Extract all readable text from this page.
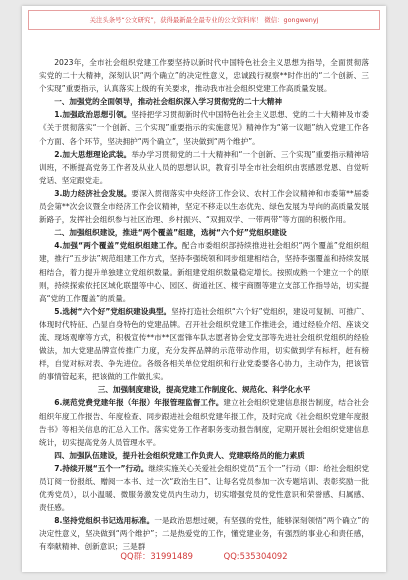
关注头条号“公文研究”，获得最新最全最专业的公文资料库！ 微信：gongwenyj

2023年，全市社会组织党建工作要坚持以新时代中国特色社会主义思想为指导，全面贯彻落实党的二十大精神，深刻认识“两个确立”的决定性意义，忠诚践行视察**时作出的“二个创新、三个实现”重要指示，认真落实上级的有关要求，推动我市社会组织党建工作高质量发展。

一、加强党的全面领导，推动社会组织深入学习贯彻党的二十大精神

1.加强政治思想引领。坚持把学习贯彻新时代中国特色社会主义思想、党的二十大精神及市委《关于贯彻落实“一个创新、三个实现”重要指示的实施意见》精神作为“第一议题”纳入党建工作各个方面、各个环节，坚决拥护“两个确立”，坚决做到“两个维护”。

2.加大思想理论武装。举办学习贯彻党的二十大精神和“一个创新、三个实现”重要指示精神培训班，不断提高党务工作者及从业人员的思想认识，教育引导全市社会组织由衷感恩党恩、自觉听党话、坚定跟党走。

3.助力经济社会发展。要深入贯彻落实中央经济工作会议、农村工作会议精神和市委第**届委员会第**次会议暨全市经济工作会议精神，坚定不移走以生态优先、绿色发展为导向的高质量发展新路子，发挥社会组织参与社区治理、乡村振兴、“双拥双学、一带两带”等方面的积极作用。

二、加强组织建设，推进“两个覆盖”组建，选树“六个好”党组织建设

4.加强“两个覆盖”党组织组建工作。配合市委组织部持续推进社会组织“两个覆盖”党组织组建，推行“五步法”规范组建工作方式，坚持李强统领和同步组建相结合，坚持李强覆盖和持续发展相结合，着力提升单独建立党组织数量。新组建党组织数量稳定增长。按照成熟一个建立一个的原则，持续探索依托区域化联盟等中心、园区、街道社区、楼宇商圈等建立支部工作指导站，切实提高“党的工作覆盖”的质量。

5.选树“六个好”党组织建设典型。坚持打造社会组织“六个好”党组织，建设可复制、可推广、体现时代特征、凸显自身特色的党建品牌。召开社会组织党建工作推进会，通过经验介绍、座谈交流、现场观摩等方式，积极宣传**市**区雷锋车队志愿者协会党支部等先进社会组织党组织的经验做法，加大党建品牌宣传推广力度，充分发挥品牌的示范带动作用，切实做到学有标杆，赶有榜样，自觉对标对表、争先进位。各级各相关单位党组织和行业党委要各心协力，主动作为，把该管的事情管起来，把该做的工作做扎实。

三、加强制度建设，提高党建工作制度化、规范化、科学化水平

6.规范党费党建年报（年报）年报管理监督工作。建立社会组织党建信息报告制度，结合社会组织年度工作报告、年度检查、同步跟进社会组织党建年报工作，及时完成《社会组织党建年度报告书》等相关信息的汇总入工作。落实党务工作者职务变动报告制度，定期开展社会组织党建信息统计，切实提高党务人员管理水平。

四、加强队伍建设，提升社会组织党建工作负责人、党建联络员的能力素质

7.持续开展“五个一”行动。继续实施关心关爱社会组织党员“五个一”行动（即：给社会组织党员订阅一份报纸、赠阅一本书、过一次“政治生日”、让每名党员参加一次专题培训、表彰奖励一批优秀党员），以小温暖、微服务激发党员内生动力，切实增强党员的党性意识和荣誉感、归属感、责任感。

8.坚持党组织书记选用标准。一是政治思想过硬，有坚强的党性，能够深刻领悟“两个确立”的决定性意义，坚决做到“两个维护”；二是热爱党的工作，懂党建业务，有强烈的事业心和责任感，有奉献精神、创新意识；三是群

QQ群：31991489	QQ:535304092
